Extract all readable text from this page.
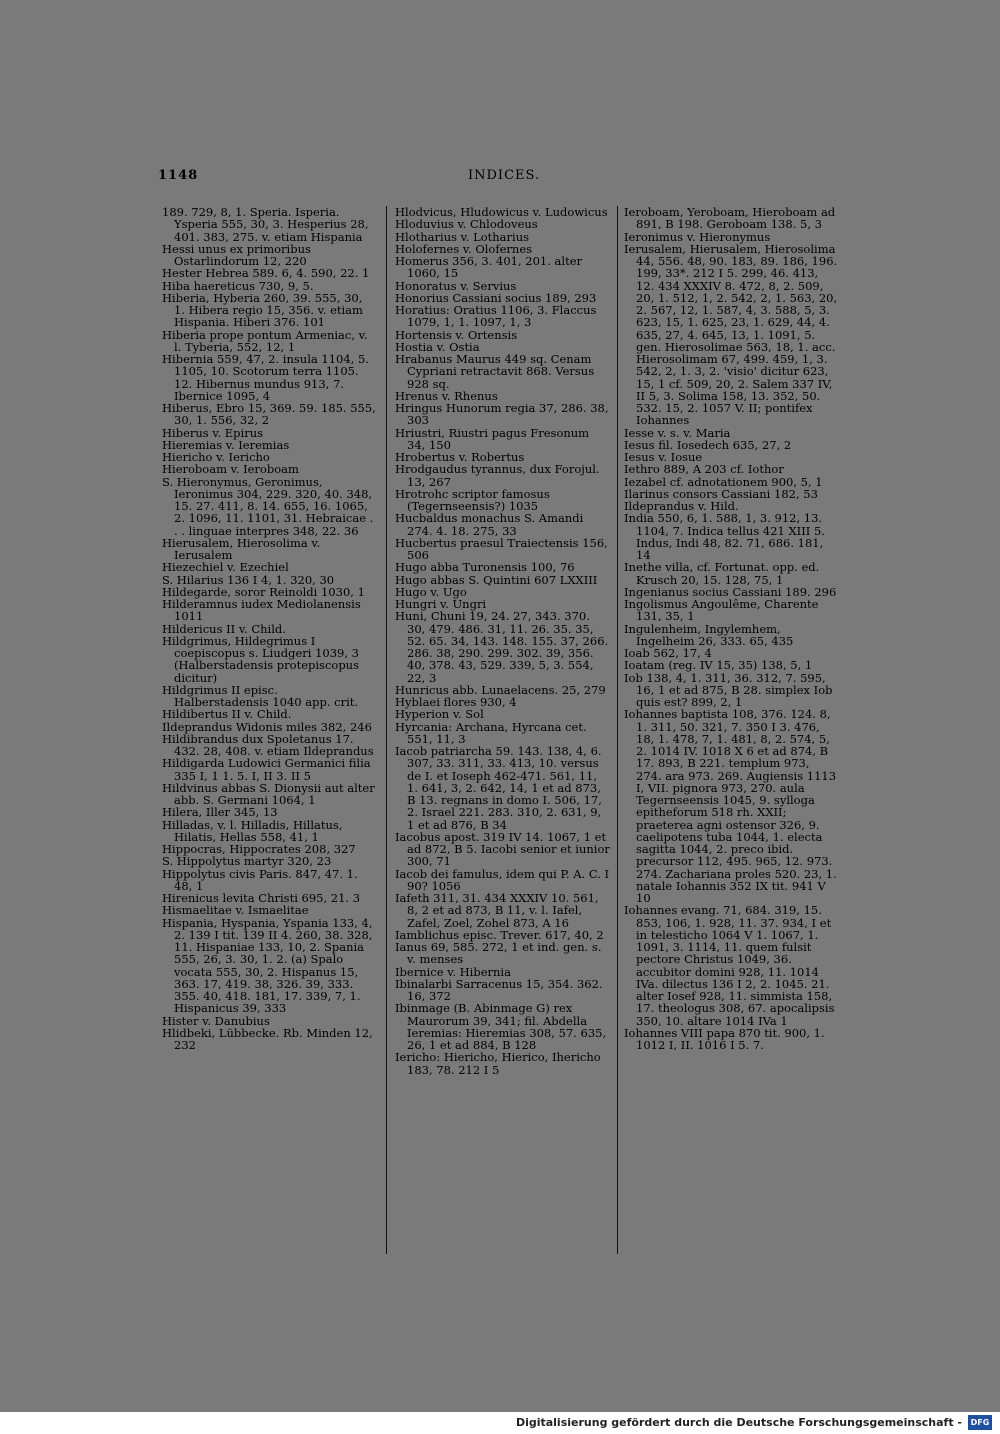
1148	INDICES.

189. 729, 8, 1. Speria. Isperia. Ysperia 555, 30, 3. Hesperius 28, 401. 383, 275. v. etiam Hispania

Hessi unus ex primoribus Ostarlindorum 12, 220

Hester Hebrea 589. 6, 4. 590, 22. 1

Hiba haereticus 730, 9, 5.

Hiberia, Hyberia 260, 39. 555, 30, 1. Hibera regio 15, 356. v. etiam Hispania. Hiberi 376. 101

Hiberia prope pontum Armeniac, v. l. Tyberia, 552, 12, 1

Hibernia 559, 47, 2. insula 1104, 5. 1105, 10. Scotorum terra 1105. 12. Hibernus mundus 913, 7. Ibernice 1095, 4

Hiberus, Ebro 15, 369. 59. 185. 555, 30, 1. 556, 32, 2

Hiberus v. Epirus

Hieremias v. Ieremias

Hiericho v. Iericho

Hieroboam v. Ieroboam

S. Hieronymus, Geronimus, Ieronimus 304, 229. 320, 40. 348, 15. 27. 411, 8. 14. 655, 16. 1065, 2. 1096, 11. 1101, 31. Hebraicae . . . linguae interpres 348, 22. 36

Hierusalem, Hierosolima v. Ierusalem

Hiezechiel v. Ezechiel

S. Hilarius 136 I 4, 1. 320, 30

Hildegarde, soror Reinoldi 1030, 1

Hilderamnus iudex Mediolanensis 1011

Hildericus II v. Child.

Hildgrimus, Hildegrimus I coepiscopus s. Liudgeri 1039, 3 (Halberstadensis protepiscopus dicitur)

Hildgrimus II episc. Halberstadensis 1040 app. crit.

Hildibertus II v. Child.

Ildeprandus Widonis miles 382, 246

Hildibrandus dux Spoletanus 17. 432. 28, 408. v. etiam Ildeprandus

Hildigarda Ludowici Germanici filia 335 I, 1 1. 5. I, II 3. II 5

Hildvinus abbas S. Dionysii aut alter abb. S. Germani 1064, 1

Hilera, Iller 345, 13

Hilladas, v. l. Hilladis, Hillatus, Hilatis, Hellas 558, 41, 1

Hippocras, Hippocrates 208, 327

S. Hippolytus martyr 320, 23

Hippolytus civis Paris. 847, 47. 1. 48, 1

Hirenicus levita Christi 695, 21. 3

Hismaelitae v. Ismaelitae

Hispania, Hyspania, Yspania 133, 4, 2. 139 I tit. 139 II 4. 260, 38. 328, 11. Hispaniae 133, 10, 2. Spania 555, 26, 3. 30, 1. 2. (a) Spalo vocata 555, 30, 2. Hispanus 15, 363. 17, 419. 38, 326. 39, 333. 355. 40, 418. 181, 17. 339, 7, 1. Hispanicus 39, 333

Hister v. Danubius

Hlidbeki, Lübbecke. Rb. Minden 12, 232

Hlodvicus, Hludowicus v. Ludowicus

Hloduvius v. Chlodoveus

Hlotharius v. Lotharius

Holofernes v. Olofernes

Homerus 356, 3. 401, 201. alter 1060, 15

Honoratus v. Servius

Honorius Cassiani socius 189, 293

Horatius: Oratius 1106, 3. Flaccus 1079, 1, 1. 1097, 1, 3

Hortensis v. Ortensis

Hostia v. Ostia

Hrabanus Maurus 449 sq. Cenam Cypriani retractavit 868. Versus 928 sq.

Hrenus v. Rhenus

Hringus Hunorum regia 37, 286. 38, 303

Hriustri, Riustri pagus Fresonum 34, 150

Hrobertus v. Robertus

Hrodgaudus tyrannus, dux Forojul. 13, 267

Hrotrohc scriptor famosus (Tegernseensis?) 1035

Hucbaldus monachus S. Amandi 274. 4. 18. 275, 33

Hucbertus praesul Traiectensis 156, 506

Hugo abba Turonensis 100, 76

Hugo abbas S. Quintini 607 LXXIII

Hugo v. Ugo

Hungri v. Ungri

Huni, Chuni 19, 24. 27, 343. 370. 30, 479. 486. 31, 11. 26. 35. 35, 52. 65. 34, 143. 148. 155. 37, 266. 286. 38, 290. 299. 302. 39, 356. 40, 378. 43, 529. 339, 5, 3. 554, 22, 3

Hunricus abb. Lunaelacens. 25, 279

Hyblaei flores 930, 4

Hyperion v. Sol

Hyrcania: Archana, Hyrcana cet. 551, 11, 3

Iacob patriarcha 59. 143. 138, 4, 6. 307, 33. 311, 33. 413, 10. versus de I. et Ioseph 462-471. 561, 11, 1. 641, 3, 2. 642, 14, 1 et ad 873, B 13. regnans in domo I. 506, 17, 2. Israel 221. 283. 310, 2. 631, 9, 1 et ad 876, B 34

Iacobus apost. 319 IV 14. 1067, 1 et ad 872, B 5. Iacobi senior et iunior 300, 71

Iacob dei famulus, idem qui P. A. C. I 90? 1056

Iafeth 311, 31. 434 XXXIV 10. 561, 8, 2 et ad 873, B 11, v. l. Iafel, Zafel, Zoel, Zohel 873, A 16

Iamblichus episc. Trever. 617, 40, 2

Ianus 69, 585. 272, 1 et ind. gen. s. v. menses

Ibernice v. Hibernia

Ibinalarbi Sarracenus 15, 354. 362. 16, 372

Ibinmage (B. Abinmage G) rex Maurorum 39, 341; fil. Abdella Ieremias: Hieremias 308, 57. 635, 26, 1 et ad 884, B 128

Iericho: Hiericho, Hierico, Ihericho 183, 78. 212 I 5

Ieroboam, Yeroboam, Hieroboam ad 891, B 198. Geroboam 138. 5, 3

Ieronimus v. Hieronymus

Ierusalem, Hierusalem, Hierosolima 44, 556. 48, 90. 183, 89. 186, 196. 199, 33*. 212 I 5. 299, 46. 413, 12. 434 XXXIV 8. 472, 8, 2. 509, 20, 1. 512, 1, 2. 542, 2, 1. 563, 20, 2. 567, 12, 1. 587, 4, 3. 588, 5, 3. 623, 15, 1. 625, 23, 1. 629, 44, 4. 635, 27, 4. 645, 13, 1. 1091, 5. gen. Hierosolimae 563, 18, 1. acc. Hierosolimam 67, 499. 459, 1, 3. 542, 2, 1. 3, 2. 'visio' dicitur 623, 15, 1 cf. 509, 20, 2. Salem 337 IV, II 5, 3. Solima 158, 13. 352, 50. 532. 15, 2. 1057 V. II; pontifex Iohannes

Iesse v. s. v. Maria

Iesus fil. Iosedech 635, 27, 2

Iesus v. Iosue

Iethro 889, A 203 cf. Iothor

Iezabel cf. adnotationem 900, 5, 1

Ilarinus consors Cassiani 182, 53

Ildeprandus v. Hild.

India 550, 6, 1. 588, 1, 3. 912, 13. 1104, 7. Indica tellus 421 XIII 5. Indus, Indi 48, 82. 71, 686. 181, 14

Inethe villa, cf. Fortunat. opp. ed. Krusch 20, 15. 128, 75, 1

Ingenianus socius Cassiani 189. 296

Ingolismus Angoulême, Charente 131, 35, 1

Ingulenheim, Ingylemhem, Ingelheim 26, 333. 65, 435

Ioab 562, 17, 4

Ioatam (reg. IV 15, 35) 138, 5, 1

Iob 138, 4, 1. 311, 36. 312, 7. 595, 16, 1 et ad 875, B 28. simplex Iob quis est? 899, 2, 1

Iohannes baptista 108, 376. 124. 8, 1. 311, 50. 321, 7. 350 I 3. 476, 18, 1. 478, 7, 1. 481, 8, 2. 574, 5, 2. 1014 IV. 1018 X 6 et ad 874, B 17. 893, B 221. templum 973, 274. ara 973. 269. Augiensis 1113 I, VII. pignora 973, 270. aula Tegernseensis 1045, 9. sylloga epitheforum 518 rh. XXII; praeterea agni ostensor 326, 9. caelipotens tuba 1044, 1. electa sagitta 1044, 2. preco ibid. precursor 112, 495. 965, 12. 973. 274. Zachariana proles 520. 23, 1. natale Iohannis 352 IX tit. 941 V 10

Iohannes evang. 71, 684. 319, 15. 853, 106, 1. 928, 11. 37. 934, I et in telesticho 1064 V 1. 1067, 1. 1091, 3. 1114, 11. quem fulsit pectore Christus 1049, 36. accubitor domini 928, 11. 1014 IVa. dilectus 136 I 2, 2. 1045. 21. alter Iosef 928, 11. simmista 158, 17. theologus 308, 67. apocalipsis 350, 10. altare 1014 IVa 1

Iohannes VIII papa 870 tit. 900, 1. 1012 I, II. 1016 I 5. 7.

Digitalisierung gefördert durch die Deutsche Forschungsgemeinschaft -	DFG
